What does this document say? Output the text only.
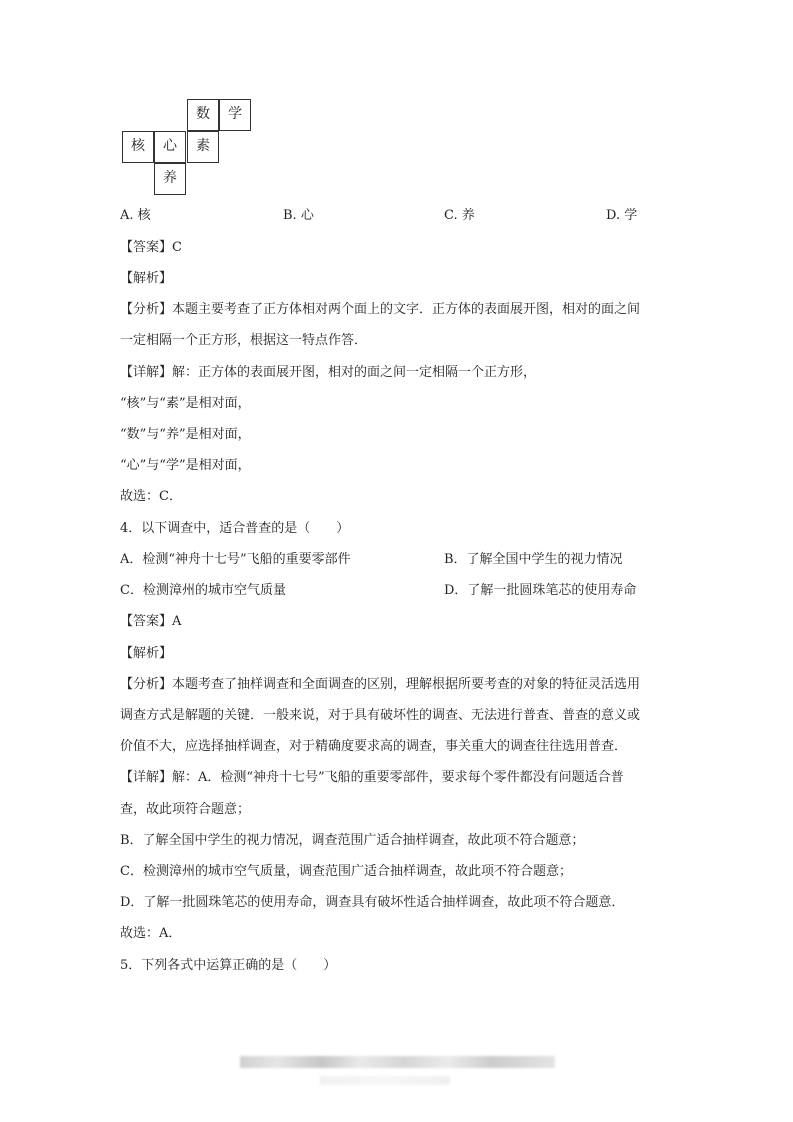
数	学
核	心	素
养
A. 核	B. 心	C. 养	D. 学
【答案】C
【解析】
【分析】本题主要考查了正方体相对两个面上的文字．正方体的表面展开图，相对的面之间
一定相隔一个正方形，根据这一特点作答．
【详解】解：正方体的表面展开图，相对的面之间一定相隔一个正方形，
“核”与“素”是相对面，
“数”与“养”是相对面，
“心”与“学”是相对面，
故选：C．
4．以下调查中，适合普查的是（　　）
A．检测“神舟十七号”飞船的重要零部件	B．了解全国中学生的视力情况
C．检测漳州的城市空气质量	D．了解一批圆珠笔芯的使用寿命
【答案】A
【解析】
【分析】本题考查了抽样调查和全面调查的区别，理解根据所要考查的对象的特征灵活选用
调查方式是解题的关键．一般来说，对于具有破坏性的调查、无法进行普查、普查的意义或
价值不大，应选择抽样调查，对于精确度要求高的调查，事关重大的调查往往选用普查．
【详解】解：A．检测“神舟十七号”飞船的重要零部件，要求每个零件都没有问题适合普
查，故此项符合题意；
B．了解全国中学生的视力情况，调查范围广适合抽样调查，故此项不符合题意；
C．检测漳州的城市空气质量，调查范围广适合抽样调查，故此项不符合题意；
D．了解一批圆珠笔芯的使用寿命，调查具有破坏性适合抽样调查，故此项不符合题意．
故选：A．
5．下列各式中运算正确的是（　　）
